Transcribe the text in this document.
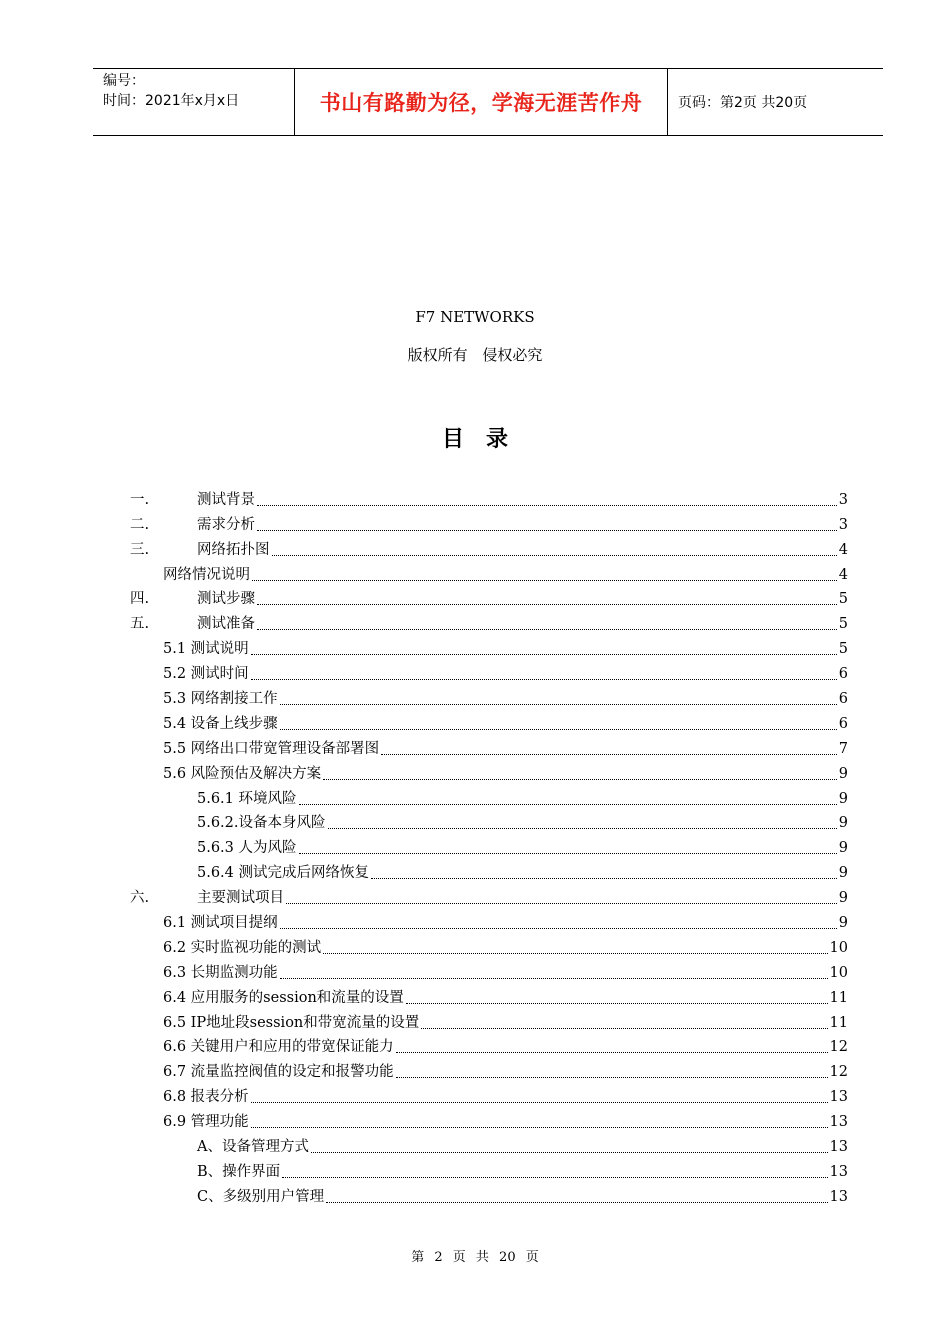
编号：
时间：2021年x月x日	书山有路勤为径，学海无涯苦作舟	页码：第2页 共20页
F7 NETWORKS
版权所有 侵权必究
目录
一.	测试背景	3
二.	需求分析	3
三.	网络拓扑图	4
网络情况说明	4
四.	测试步骤	5
五.	测试准备	5
5.1 测试说明	5
5.2 测试时间	6
5.3 网络割接工作	6
5.4 设备上线步骤	6
5.5 网络出口带宽管理设备部署图	7
5.6 风险预估及解决方案	9
5.6.1 环境风险	9
5.6.2.设备本身风险	9
5.6.3 人为风险	9
5.6.4 测试完成后网络恢复	9
六.	主要测试项目	9
6.1 测试项目提纲	9
6.2 实时监视功能的测试	10
6.3 长期监测功能	10
6.4 应用服务的session和流量的设置	11
6.5 IP地址段session和带宽流量的设置	11
6.6 关键用户和应用的带宽保证能力	12
6.7 流量监控阀值的设定和报警功能	12
6.8 报表分析	13
6.9 管理功能	13
A、设备管理方式	13
B、操作界面	13
C、多级别用户管理	13
第 2 页 共 20 页
